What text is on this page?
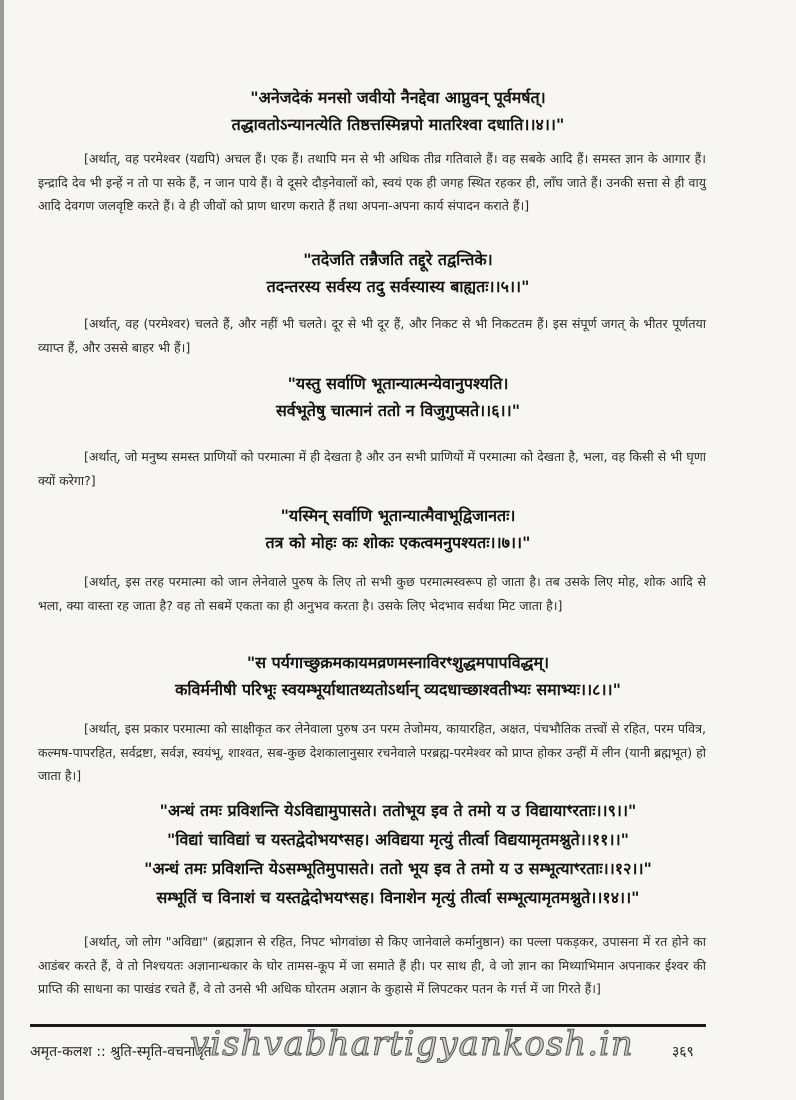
"अनेजदेकं मनसो जवीयो नैनद्देवा आप्नुवन् पूर्वमर्षत्।
तद्धावतोऽन्यानत्येति तिष्ठत्तस्मिन्नपो मातरिश्वा दधाति।।४।।"
[अर्थात्, वह परमेश्वर (यद्यपि) अचल हैं। एक हैं। तथापि मन से भी अधिक तीव्र गतिवाले हैं। वह सबके आदि हैं। समस्त ज्ञान के आगार हैं। इन्द्रादि देव भी इन्हें न तो पा सके हैं, न जान पाये हैं। वे दूसरे दौड़नेवालों को, स्वयं एक ही जगह स्थित रहकर ही, लाँघ जाते हैं। उनकी सत्ता से ही वायु आदि देवगण जलवृष्टि करते हैं। वे ही जीवों को प्राण धारण कराते हैं तथा अपना-अपना कार्य संपादन कराते हैं।]
"तदेजति तन्नैजति तद्दूरे तद्वन्तिके।
तदन्तरस्य सर्वस्य तदु सर्वस्यास्य बाह्यतः।।५।।"
[अर्थात्, वह (परमेश्वर) चलते हैं, और नहीं भी चलते। दूर से भी दूर हैं, और निकट से भी निकटतम हैं। इस संपूर्ण जगत् के भीतर पूर्णतया व्याप्त हैं, और उससे बाहर भी हैं।]
"यस्तु सर्वाणि भूतान्यात्मन्येवानुपश्यति।
सर्वभूतेषु चात्मानं ततो न विजुगुप्सते।।६।।"
[अर्थात्, जो मनुष्य समस्त प्राणियों को परमात्मा में ही देखता है और उन सभी प्राणियों में परमात्मा को देखता है, भला, वह किसी से भी घृणा क्यों करेगा?]
"यस्मिन् सर्वाणि भूतान्यात्मैवाभूद्विजानतः।
तत्र को मोहः कः शोकः एकत्वमनुपश्यतः।।७।।"
[अर्थात्, इस तरह परमात्मा को जान लेनेवाले पुरुष के लिए तो सभी कुछ परमात्मस्वरूप हो जाता है। तब उसके लिए मोह, शोक आदि से भला, क्या वास्ता रह जाता है? वह तो सबमें एकता का ही अनुभव करता है। उसके लिए भेदभाव सर्वथा मिट जाता है।]
"स पर्यगाच्छुक्रमकायमव्रणमस्नाविरꣳशुद्धमपापविद्धम्।
कविर्मनीषी परिभूः स्वयम्भूर्याथातथ्यतोऽर्थान् व्यदधाच्छाश्वतीभ्यः समाभ्यः।।८।।"
[अर्थात्, इस प्रकार परमात्मा को साक्षीकृत कर लेनेवाला पुरुष उन परम तेजोमय, कायारहित, अक्षत, पंचभौतिक तत्त्वों से रहित, परम पवित्र, कल्मष-पापरहित, सर्वद्रष्टा, सर्वज्ञ, स्वयंभू, शाश्वत, सब-कुछ देशकालानुसार रचनेवाले परब्रह्म-परमेश्वर को प्राप्त होकर उन्हीं में लीन (यानी ब्रह्मभूत) हो जाता है।]
"अन्धं तमः प्रविशन्ति येऽविद्यामुपासते। ततोभूय इव ते तमो य उ विद्यायाꣳरताः।।९।।"
"विद्यां चाविद्यां च यस्तद्वेदोभयꣳसह। अविद्यया मृत्युं तीर्त्वा विद्ययामृतमश्नुते।।११।।"
"अन्धं तमः प्रविशन्ति येऽसम्भूतिमुपासते। ततो भूय इव ते तमो य उ सम्भूत्याꣳरताः।।१२।।"
सम्भूतिं च विनाशं च यस्तद्वेदोभयꣳसह। विनाशेन मृत्युं तीर्त्वा सम्भूत्यामृतमश्नुते।।१४।।"
[अर्थात्, जो लोग "अविद्या" (ब्रह्मज्ञान से रहित, निपट भोगवांछा से किए जानेवाले कर्मानुष्ठान) का पल्ला पकड़कर, उपासना में रत होने का आडंबर करते हैं, वे तो निश्चयतः अज्ञानान्धकार के घोर तामस-कूप में जा समाते हैं ही। पर साथ ही, वे जो ज्ञान का मिथ्याभिमान अपनाकर ईश्वर की प्राप्ति की साधना का पाखंड रचते हैं, वे तो उनसे भी अधिक घोरतम अज्ञान के कुहासे में लिपटकर पतन के गर्त्त में जा गिरते हैं।]
अमृत-कलश :: श्रुति-स्मृति-वचनामृत
vishvabhartigyankosh.in	३६९
